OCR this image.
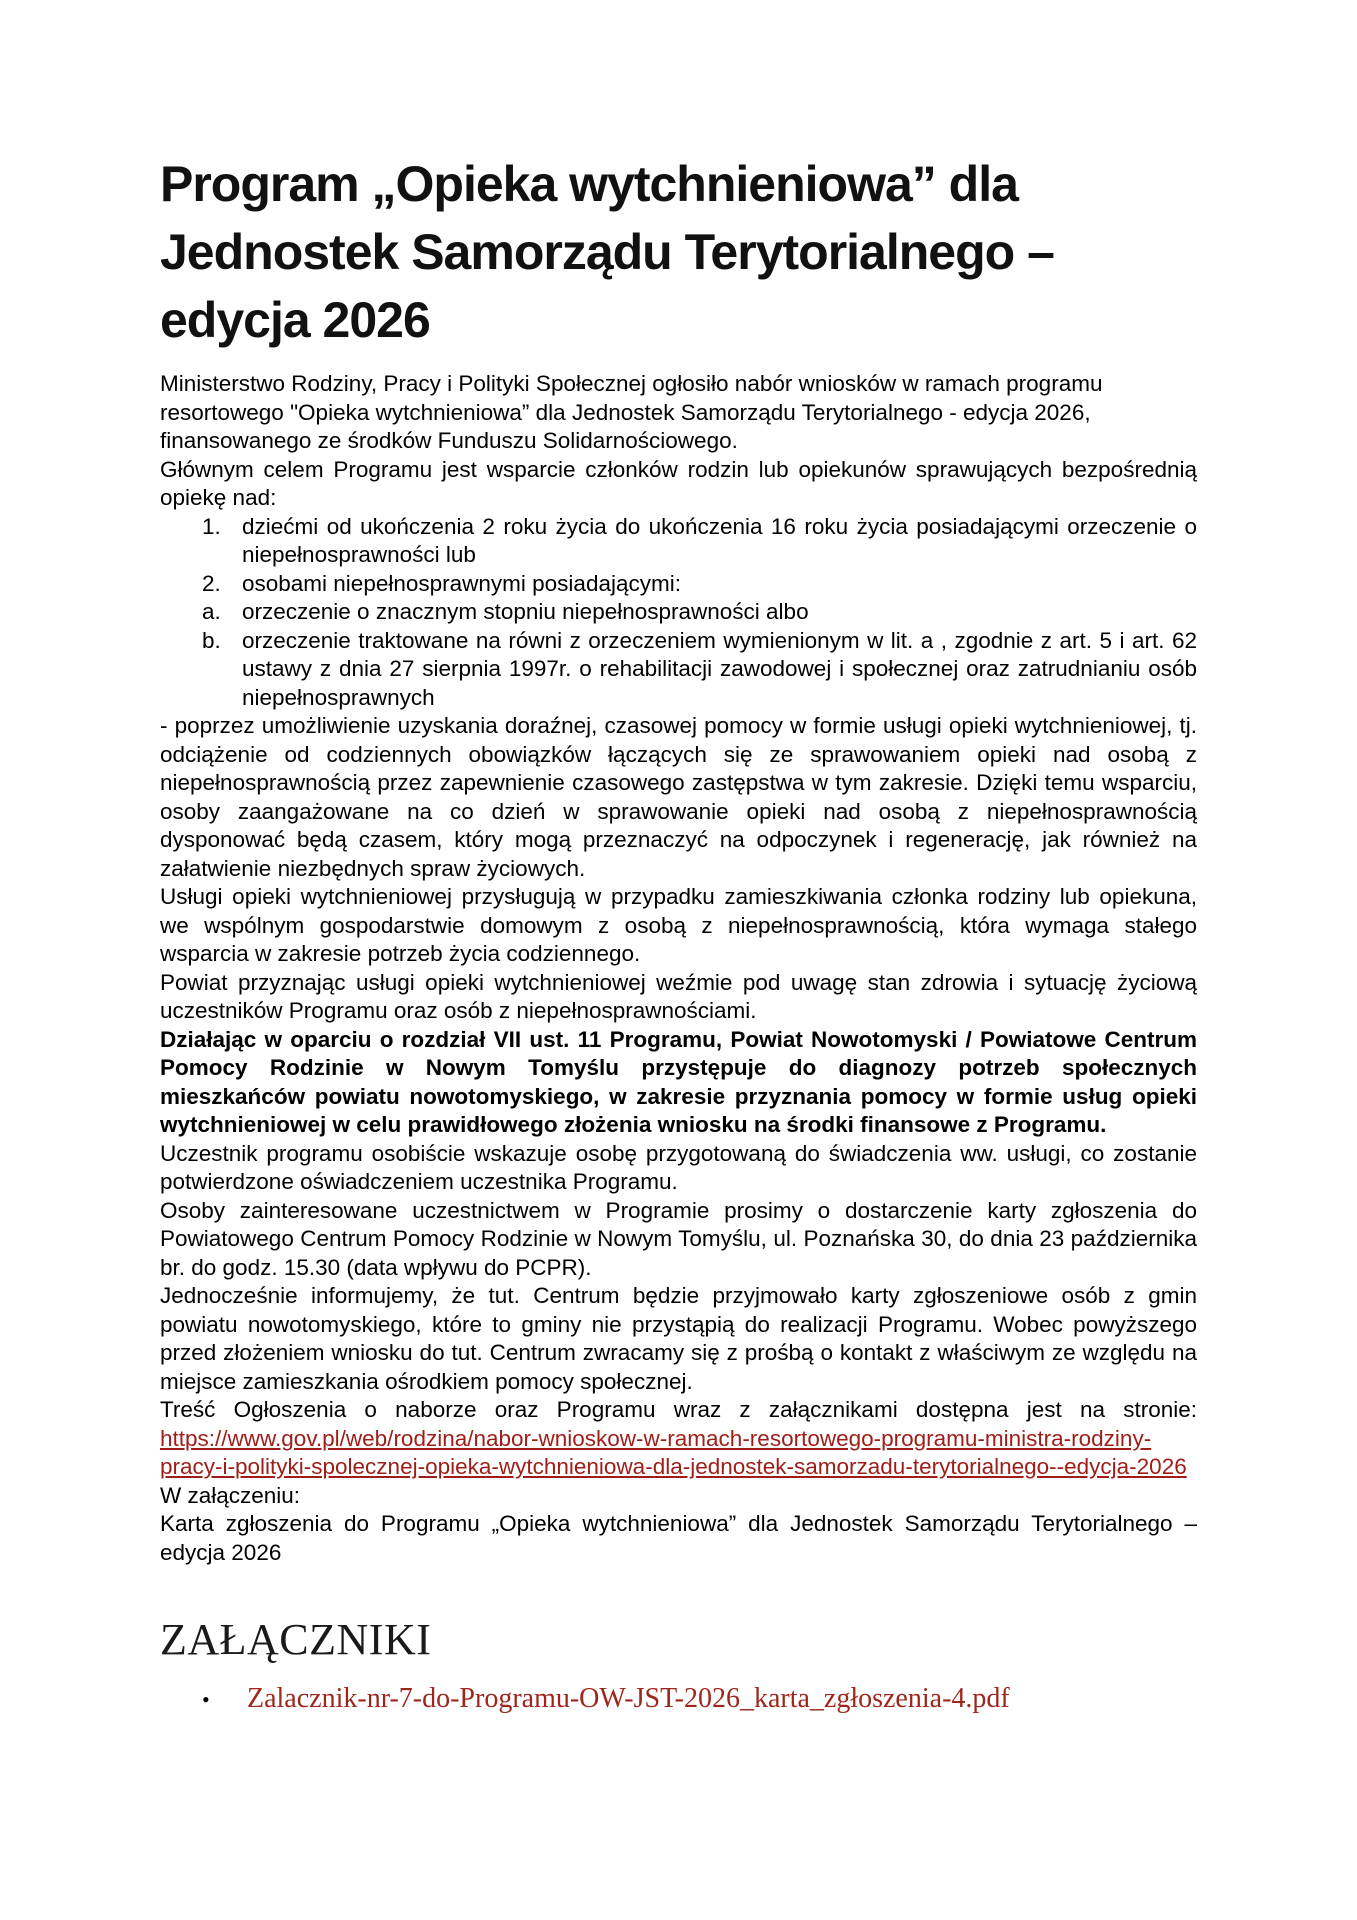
Program „Opieka wytchnieniowa” dla Jednostek Samorządu Terytorialnego – edycja 2026

Ministerstwo Rodziny, Pracy i Polityki Społecznej ogłosiło nabór wniosków w ramach programu resortowego "Opieka wytchnieniowa” dla Jednostek Samorządu Terytorialnego - edycja 2026, finansowanego ze środków Funduszu Solidarnościowego.

Głównym celem Programu jest wsparcie członków rodzin lub opiekunów sprawujących bezpośrednią opiekę nad:

1. dziećmi od ukończenia 2 roku życia do ukończenia 16 roku życia posiadającymi orzeczenie o niepełnosprawności lub
2. osobami niepełnosprawnymi posiadającymi:
a. orzeczenie o znacznym stopniu niepełnosprawności albo
b. orzeczenie traktowane na równi z orzeczeniem wymienionym w lit. a , zgodnie z art. 5 i art. 62 ustawy z dnia 27 sierpnia 1997r. o rehabilitacji zawodowej i społecznej oraz zatrudnianiu osób niepełnosprawnych

- poprzez umożliwienie uzyskania doraźnej, czasowej pomocy w formie usługi opieki wytchnieniowej, tj. odciążenie od codziennych obowiązków łączących się ze sprawowaniem opieki nad osobą z niepełnosprawnością przez zapewnienie czasowego zastępstwa w tym zakresie. Dzięki temu wsparciu, osoby zaangażowane na co dzień w sprawowanie opieki nad osobą z niepełnosprawnością dysponować będą czasem, który mogą przeznaczyć na odpoczynek i regenerację, jak również na załatwienie niezbędnych spraw życiowych.

Usługi opieki wytchnieniowej przysługują w przypadku zamieszkiwania członka rodziny lub opiekuna, we wspólnym gospodarstwie domowym z osobą z niepełnosprawnością, która wymaga stałego wsparcia w zakresie potrzeb życia codziennego.

Powiat przyznając usługi opieki wytchnieniowej weźmie pod uwagę stan zdrowia i sytuację życiową uczestników Programu oraz osób z niepełnosprawnościami.

Działając w oparciu o rozdział VII ust. 11 Programu, Powiat Nowotomyski / Powiatowe Centrum Pomocy Rodzinie w Nowym Tomyślu przystępuje do diagnozy potrzeb społecznych mieszkańców powiatu nowotomyskiego, w zakresie przyznania pomocy w formie usług opieki wytchnieniowej w celu prawidłowego złożenia wniosku na środki finansowe z Programu.

Uczestnik programu osobiście wskazuje osobę przygotowaną do świadczenia ww. usługi, co zostanie potwierdzone oświadczeniem uczestnika Programu.

Osoby zainteresowane uczestnictwem w Programie prosimy o dostarczenie karty zgłoszenia do Powiatowego Centrum Pomocy Rodzinie w Nowym Tomyślu, ul. Poznańska 30, do dnia 23 października br. do godz. 15.30 (data wpływu do PCPR).

Jednocześnie informujemy, że tut. Centrum będzie przyjmowało karty zgłoszeniowe osób z gmin powiatu nowotomyskiego, które to gminy nie przystąpią do realizacji Programu. Wobec powyższego przed złożeniem wniosku do tut. Centrum zwracamy się z prośbą o kontakt z właściwym ze względu na miejsce zamieszkania ośrodkiem pomocy społecznej.

Treść Ogłoszenia o naborze oraz Programu wraz z załącznikami dostępna jest na stronie: https://www.gov.pl/web/rodzina/nabor-wnioskow-w-ramach-resortowego-programu-ministra-rodziny-pracy-i-polityki-spolecznej-opieka-wytchnieniowa-dla-jednostek-samorzadu-terytorialnego--edycja-2026

W załączeniu:

Karta zgłoszenia do Programu „Opieka wytchnieniowa” dla Jednostek Samorządu Terytorialnego – edycja 2026

ZAŁĄCZNIKI
•	Zalacznik-nr-7-do-Programu-OW-JST-2026_karta_zgłoszenia-4.pdf
